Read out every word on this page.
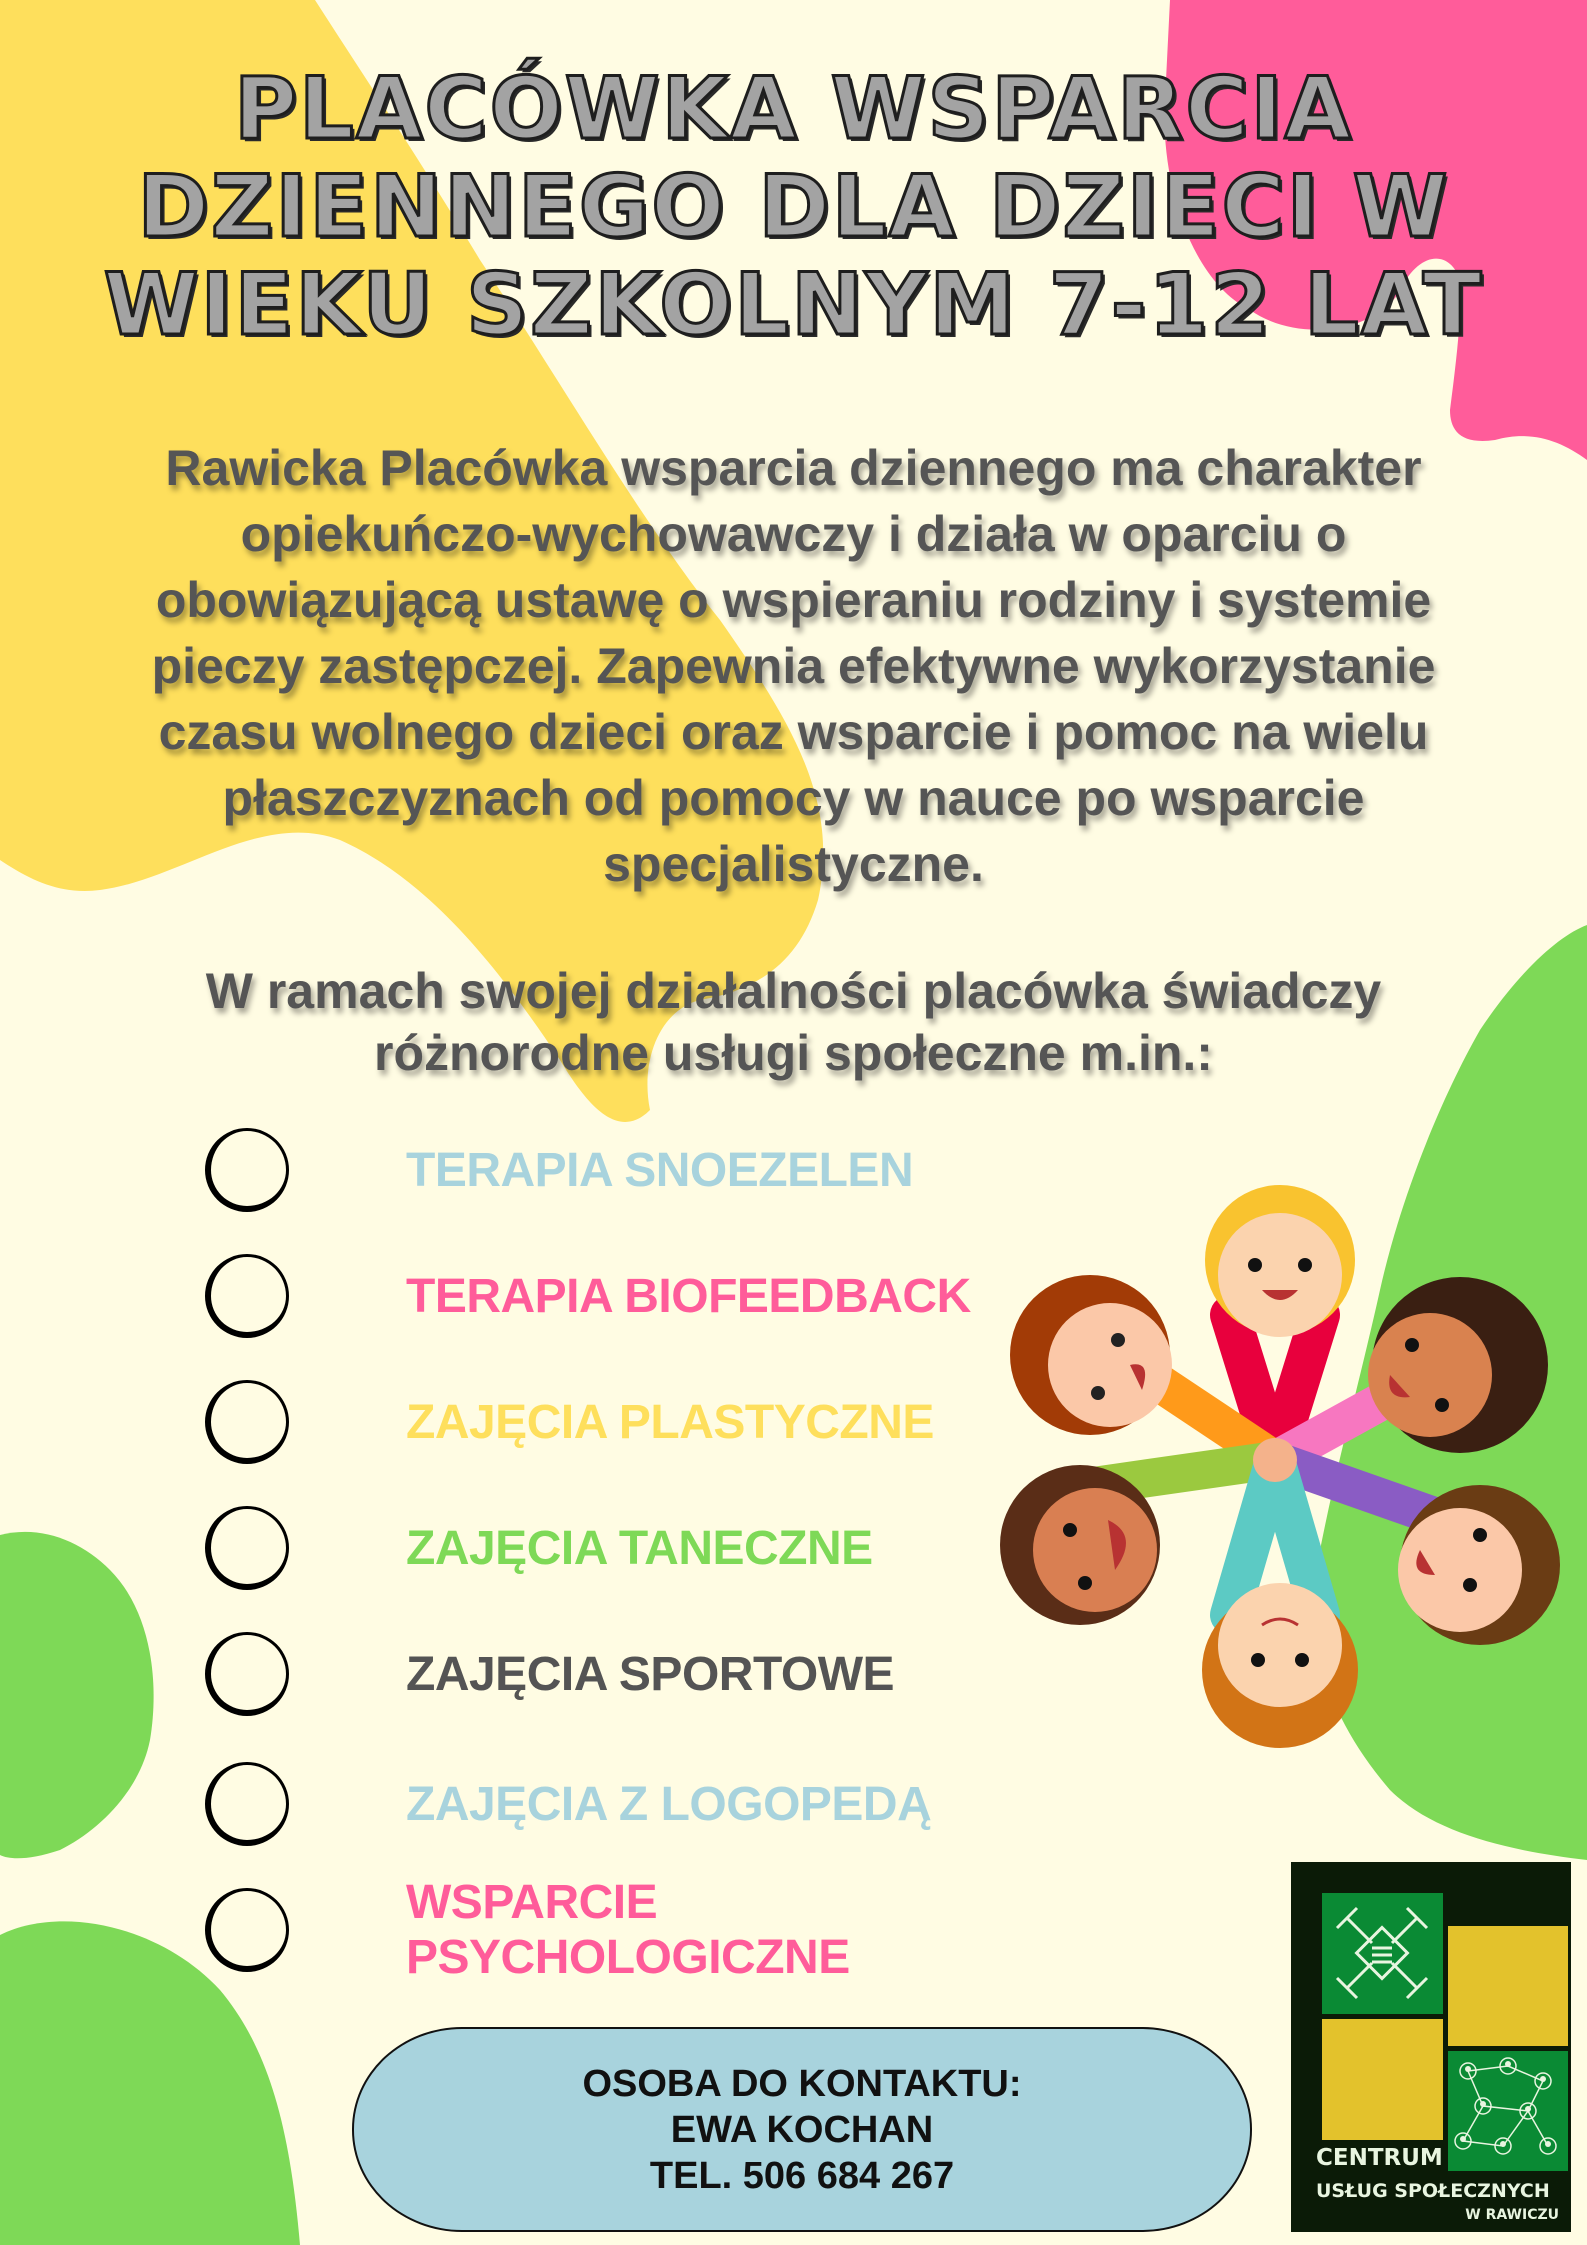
PLACÓWKA WSPARCIA
DZIENNEGO DLA DZIECI W
WIEKU SZKOLNYM 7-12 LAT
Rawicka Placówka wsparcia dziennego ma charakter
opiekuńczo-wychowawczy i działa w oparciu o
obowiązującą ustawę o wspieraniu rodziny i systemie
pieczy zastępczej. Zapewnia efektywne wykorzystanie
czasu wolnego dzieci oraz wsparcie i pomoc na wielu
płaszczyznach od pomocy w nauce po wsparcie
specjalistyczne.
W ramach swojej działalności placówka świadczy
różnorodne usługi społeczne m.in.:
TERAPIA SNOEZELEN
TERAPIA BIOFEEDBACK
ZAJĘCIA PLASTYCZNE
ZAJĘCIA TANECZNE
ZAJĘCIA SPORTOWE
ZAJĘCIA Z LOGOPEDĄ
WSPARCIE PSYCHOLOGICZNE
OSOBA DO KONTAKTU:
EWA KOCHAN
TEL. 506 684 267	CENTRUM
USŁUG SPOŁECZNYCH
W RAWICZU
